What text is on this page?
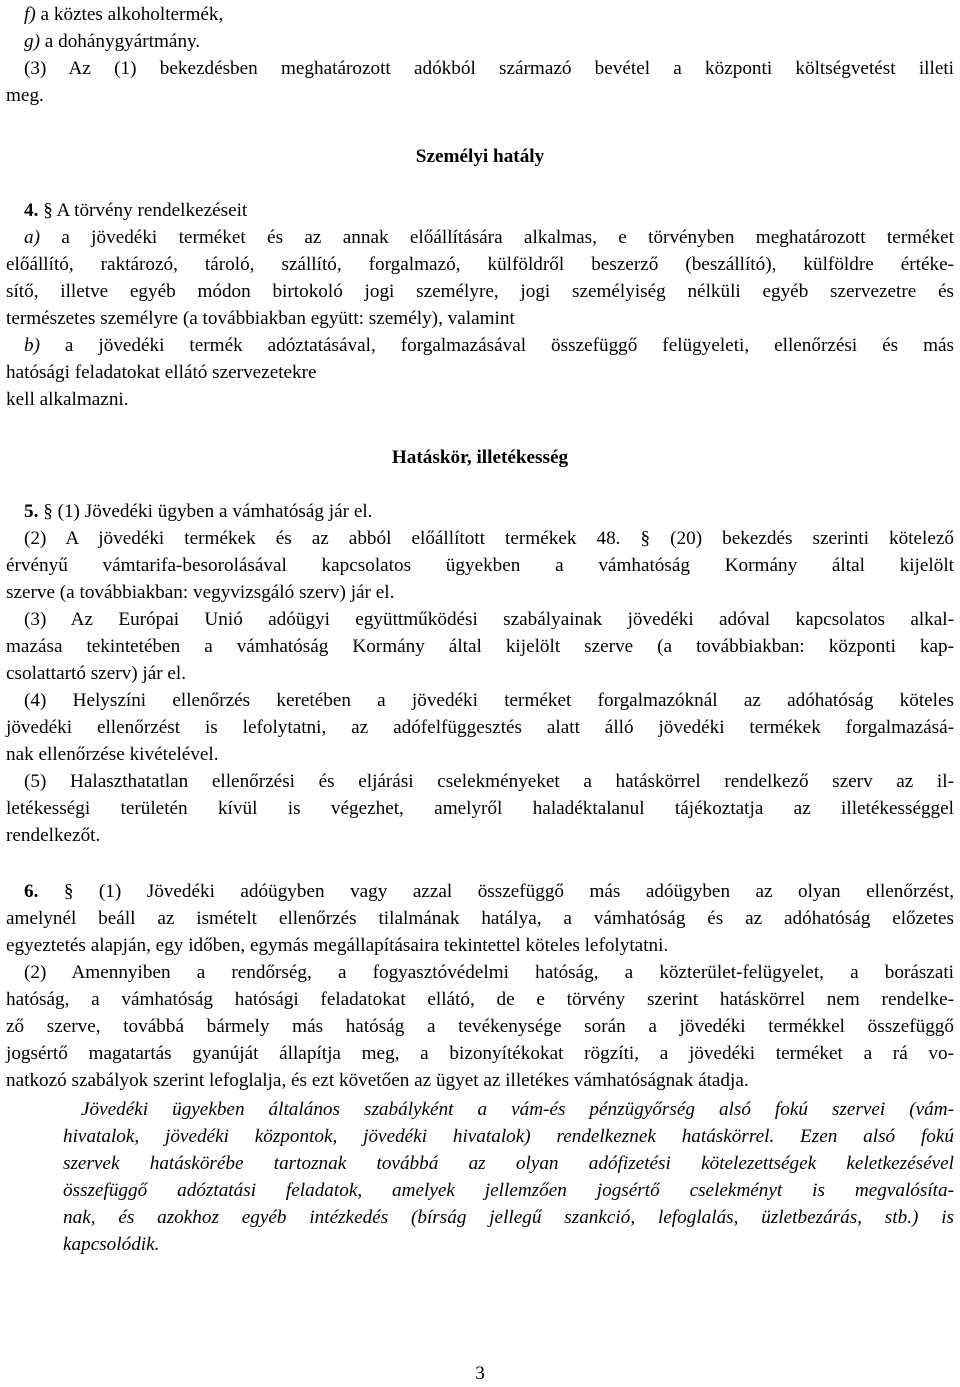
f) a köztes alkoholtermék,
g) a dohánygyártmány.
(3) Az (1) bekezdésben meghatározott adókból származó bevétel a központi költségvetést illeti
meg.
Személyi hatály
4. § A törvény rendelkezéseit
a) a jövedéki terméket és az annak előállítására alkalmas, e törvényben meghatározott terméket
előállító, raktározó, tároló, szállító, forgalmazó, külföldről beszerző (beszállító), külföldre értéke-
sítő, illetve egyéb módon birtokoló jogi személyre, jogi személyiség nélküli egyéb szervezetre és
természetes személyre (a továbbiakban együtt: személy), valamint
b) a jövedéki termék adóztatásával, forgalmazásával összefüggő felügyeleti, ellenőrzési és más
hatósági feladatokat ellátó szervezetekre
kell alkalmazni.
Hatáskör, illetékesség
5. § (1) Jövedéki ügyben a vámhatóság jár el.
(2) A jövedéki termékek és az abból előállított termékek 48. § (20) bekezdés szerinti kötelező
érvényű vámtarifa-besorolásával kapcsolatos ügyekben a vámhatóság Kormány által kijelölt
szerve (a továbbiakban: vegyvizsgáló szerv) jár el.
(3) Az Európai Unió adóügyi együttműködési szabályainak jövedéki adóval kapcsolatos alkal-
mazása tekintetében a vámhatóság Kormány által kijelölt szerve (a továbbiakban: központi kap-
csolattartó szerv) jár el.
(4) Helyszíni ellenőrzés keretében a jövedéki terméket forgalmazóknál az adóhatóság köteles
jövedéki ellenőrzést is lefolytatni, az adófelfüggesztés alatt álló jövedéki termékek forgalmazásá-
nak ellenőrzése kivételével.
(5) Halaszthatatlan ellenőrzési és eljárási cselekményeket a hatáskörrel rendelkező szerv az il-
letékességi területén kívül is végezhet, amelyről haladéktalanul tájékoztatja az illetékességgel
rendelkezőt.
6. § (1) Jövedéki adóügyben vagy azzal összefüggő más adóügyben az olyan ellenőrzést,
amelynél beáll az ismételt ellenőrzés tilalmának hatálya, a vámhatóság és az adóhatóság előzetes
egyeztetés alapján, egy időben, egymás megállapításaira tekintettel köteles lefolytatni.
(2) Amennyiben a rendőrség, a fogyasztóvédelmi hatóság, a közterület-felügyelet, a borászati
hatóság, a vámhatóság hatósági feladatokat ellátó, de e törvény szerint hatáskörrel nem rendelke-
ző szerve, továbbá bármely más hatóság a tevékenysége során a jövedéki termékkel összefüggő
jogsértő magatartás gyanúját állapítja meg, a bizonyítékokat rögzíti, a jövedéki terméket a rá vo-
natkozó szabályok szerint lefoglalja, és ezt követően az ügyet az illetékes vámhatóságnak átadja.
Jövedéki ügyekben általános szabályként a vám-és pénzügyőrség alsó fokú szervei (vám-
hivatalok, jövedéki központok, jövedéki hivatalok) rendelkeznek hatáskörrel. Ezen alsó fokú
szervek hatáskörébe tartoznak továbbá az olyan adófizetési kötelezettségek keletkezésével
összefüggő adóztatási feladatok, amelyek jellemzően jogsértő cselekményt is megvalósíta-
nak, és azokhoz egyéb intézkedés (bírság jellegű szankció, lefoglalás, üzletbezárás, stb.) is
kapcsolódik.
3
